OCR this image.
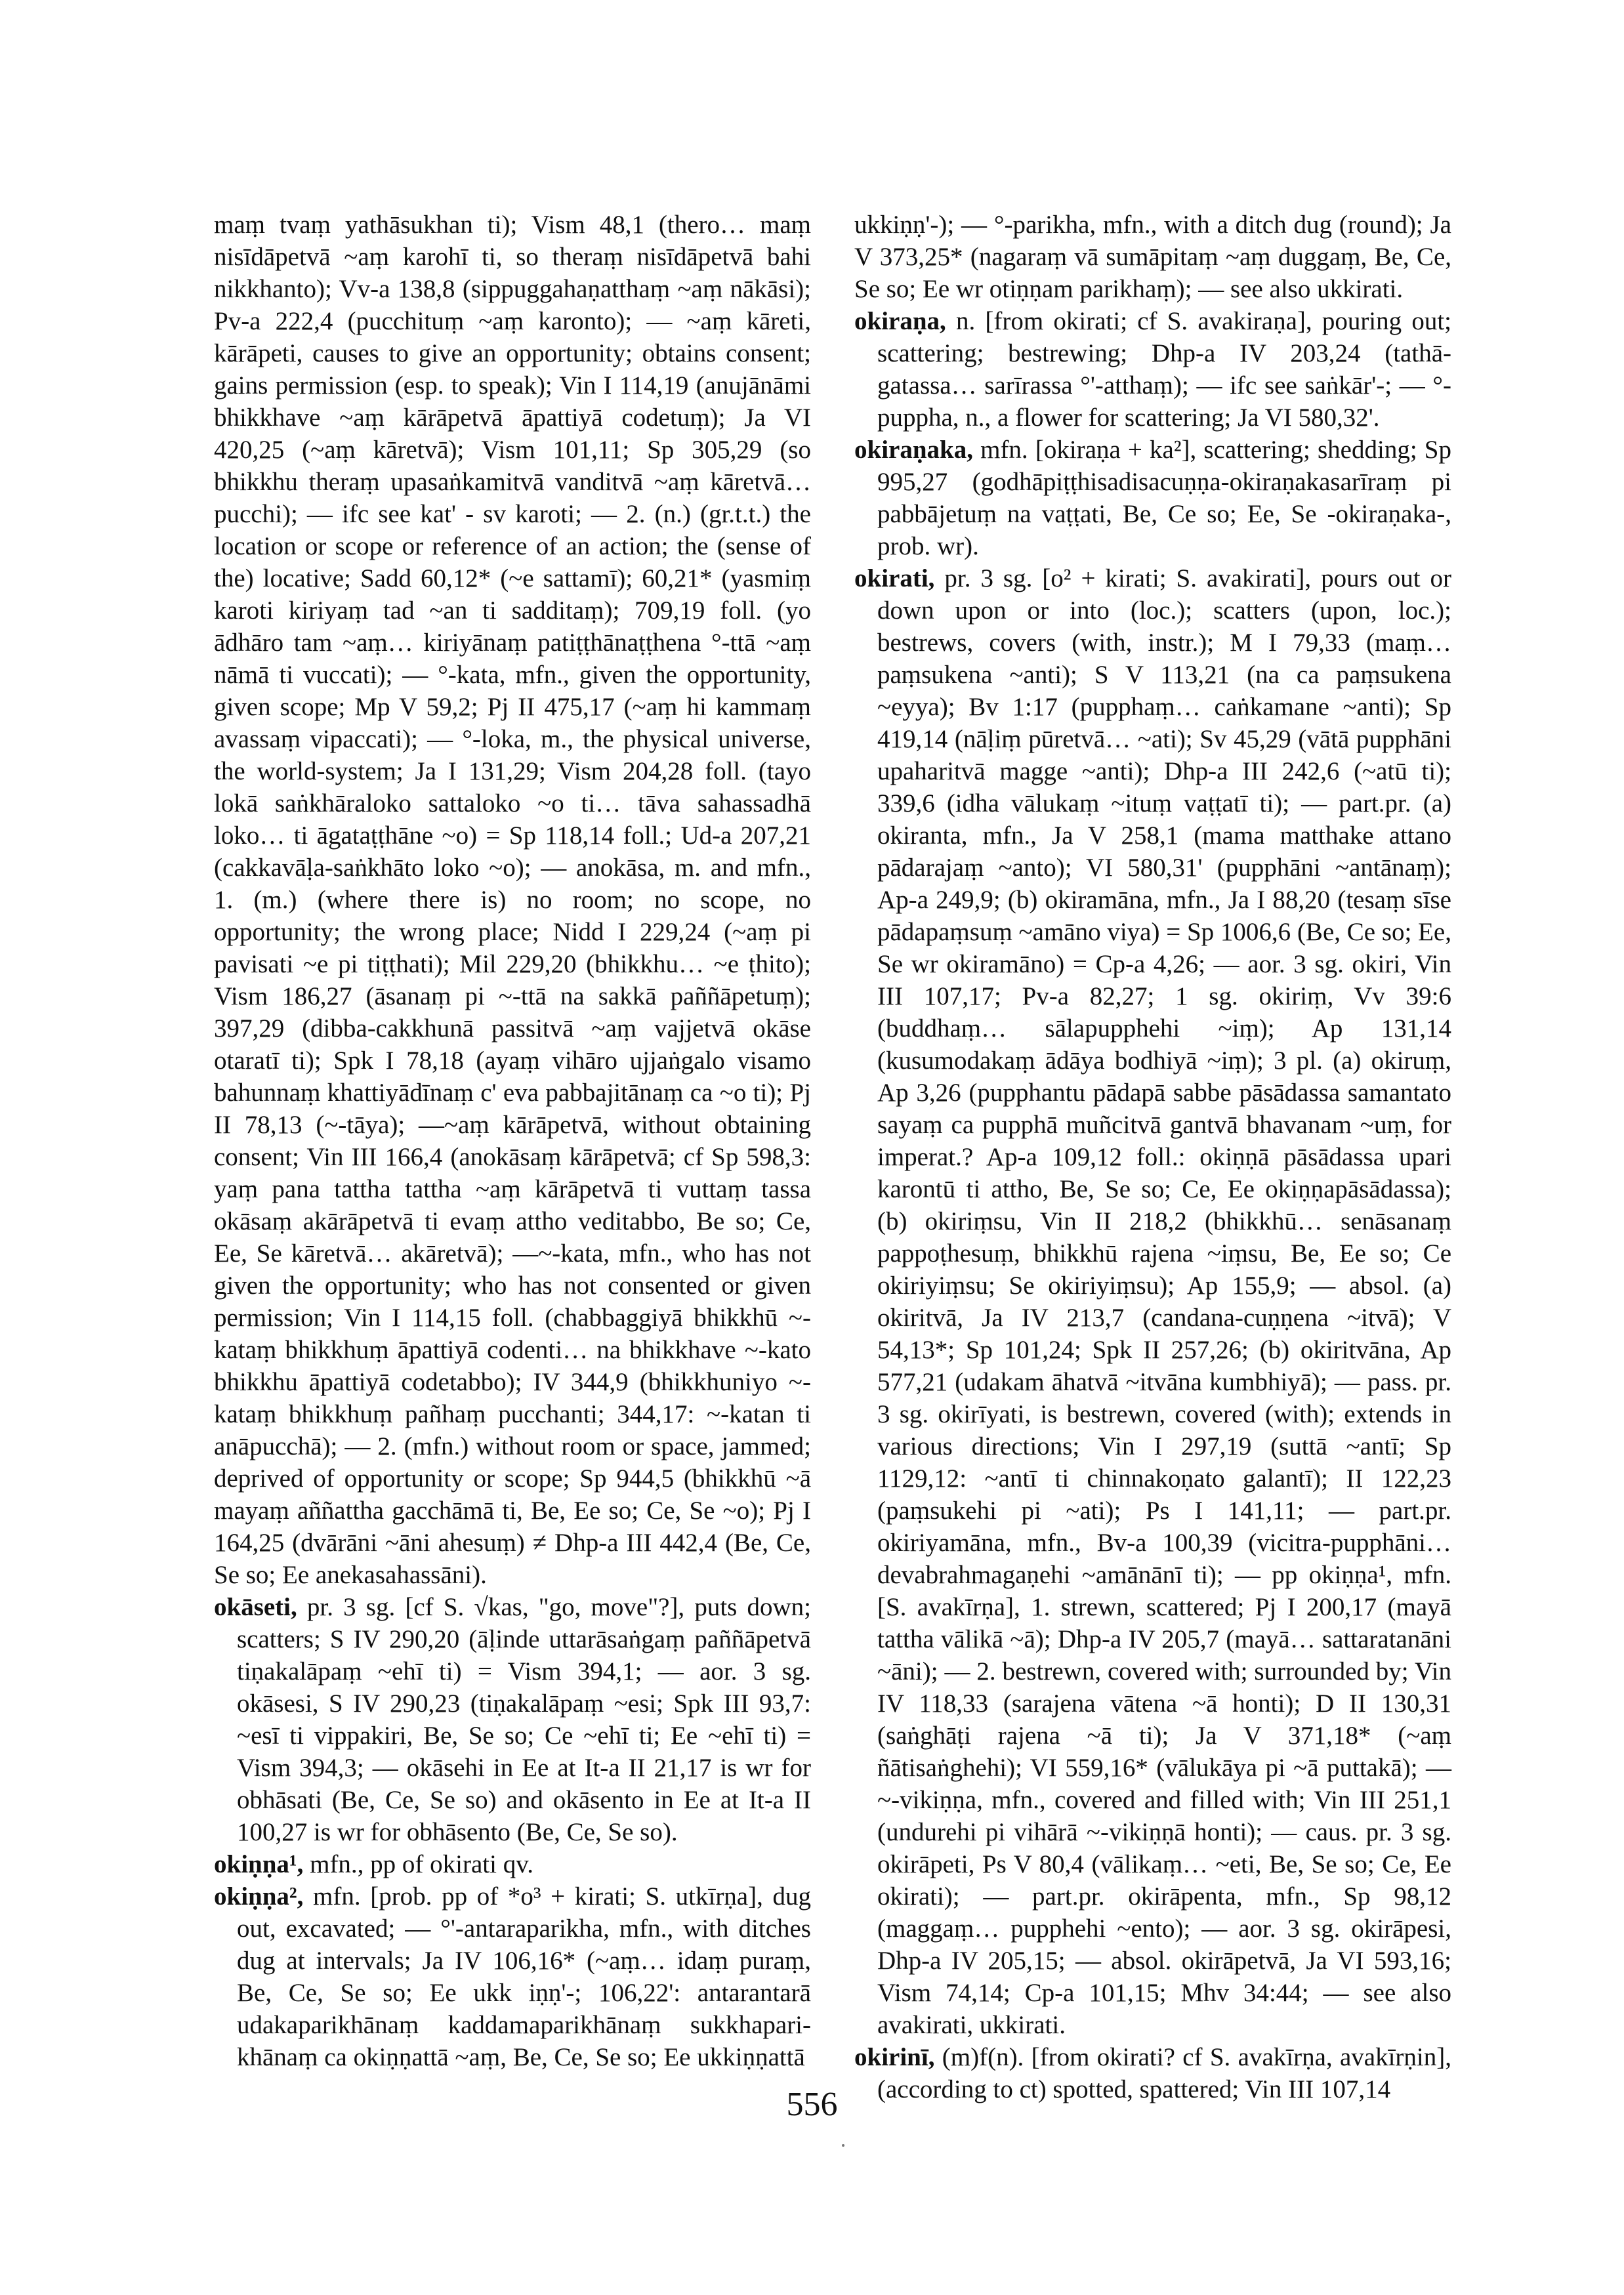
maṃ tvaṃ yathāsukhan ti); Vism 48,1 (thero… maṃ nisīdāpetvā ~aṃ karohī ti, so theraṃ nisīdāpetvā bahi nikkhanto); Vv-a 138,8 (sippuggahaṇatthaṃ ~aṃ nākāsi); Pv-a 222,4 (pucchituṃ ~aṃ karonto); — ~aṃ kāreti, kārāpeti, causes to give an opportunity; obtains consent; gains permission (esp. to speak); Vin I 114,19 (anujānāmi bhikkhave ~aṃ kārāpetvā āpattiyā codetuṃ); Ja VI 420,25 (~aṃ kāretvā); Vism 101,11; Sp 305,29 (so bhikkhu theraṃ upasaṅkamitvā vanditvā ~aṃ kāretvā… pucchi); — ifc see kat' - sv karoti; — 2. (n.) (gr.t.t.) the location or scope or reference of an action; the (sense of the) locative; Sadd 60,12* (~e sattamī); 60,21* (yasmiṃ karoti kiriyaṃ tad ~an ti sadditaṃ); 709,19 foll. (yo ādhāro tam ~aṃ… kiriyānaṃ patiṭṭhānaṭṭhena °-ttā ~aṃ nāmā ti vuccati); — °-kata, mfn., given the opportunity, given scope; Mp V 59,2; Pj II 475,17 (~aṃ hi kammaṃ avassaṃ vipaccati); — °-loka, m., the physical universe, the world-system; Ja I 131,29; Vism 204,28 foll. (tayo lokā saṅkhāraloko sattaloko ~o ti… tāva sahassadhā loko… ti āgataṭṭhāne ~o) = Sp 118,14 foll.; Ud-a 207,21 (cakkavāḷa-saṅkhāto loko ~o); — anokāsa, m. and mfn., 1. (m.) (where there is) no room; no scope, no opportunity; the wrong place; Nidd I 229,24 (~aṃ pi pavisati ~e pi tiṭṭhati); Mil 229,20 (bhikkhu… ~e ṭhito); Vism 186,27 (āsanaṃ pi ~-ttā na sakkā paññāpetuṃ); 397,29 (dibba-cakkhunā passitvā ~aṃ vajjetvā okāse otaratī ti); Spk I 78,18 (ayaṃ vihāro ujjaṅgalo visamo bahunnaṃ khattiyādīnaṃ c' eva pabbajitānaṃ ca ~o ti); Pj II 78,13 (~-tāya); —~aṃ kārāpetvā, without obtaining consent; Vin III 166,4 (anokāsaṃ kārāpetvā; cf Sp 598,3: yaṃ pana tattha tattha ~aṃ kārāpetvā ti vuttaṃ tassa okāsaṃ akārāpetvā ti evaṃ attho veditabbo, Be so; Ce, Ee, Se kāretvā… akāretvā); —~-kata, mfn., who has not given the opportunity; who has not consented or given permission; Vin I 114,15 foll. (chabbaggiyā bhikkhū ~-kataṃ bhikkhuṃ āpattiyā codenti… na bhikkhave ~-kato bhikkhu āpattiyā codetabbo); IV 344,9 (bhikkhuniyo ~-kataṃ bhikkhuṃ pañhaṃ pucchanti; 344,17: ~-katan ti anāpucchā); — 2. (mfn.) without room or space, jammed; deprived of opportunity or scope; Sp 944,5 (bhikkhū ~ā mayaṃ aññattha gacchāmā ti, Be, Ee so; Ce, Se ~o); Pj I 164,25 (dvārāni ~āni ahesuṃ) ≠ Dhp-a III 442,4 (Be, Ce, Se so; Ee anekasahassāni).

okāseti, pr. 3 sg. [cf S. √kas, "go, move"?], puts down; scatters; S IV 290,20 (āḷinde uttarāsaṅgaṃ paññāpetvā tiṇakalāpaṃ ~ehī ti) = Vism 394,1; — aor. 3 sg. okāsesi, S IV 290,23 (tiṇakalāpaṃ ~esi; Spk III 93,7: ~esī ti vippakiri, Be, Se so; Ce ~ehī ti; Ee ~ehī ti) = Vism 394,3; — okāsehi in Ee at It-a II 21,17 is wr for obhāsati (Be, Ce, Se so) and okāsento in Ee at It-a II 100,27 is wr for obhāsento (Be, Ce, Se so).

okiṇṇa¹, mfn., pp of okirati qv.

okiṇṇa², mfn. [prob. pp of *o³ + kirati; S. utkīrṇa], dug out, excavated; — °'-antaraparikha, mfn., with ditches dug at intervals; Ja IV 106,16* (~aṃ… idaṃ puraṃ, Be, Ce, Se so; Ee ukk iṇṇ'-; 106,22': antarantarā udakaparikhānaṃ kaddamaparikhānaṃ sukkhapari-khānaṃ ca okiṇṇattā ~aṃ, Be, Ce, Se so; Ee ukkiṇṇattā

ukkiṇṇ'-); — °-parikha, mfn., with a ditch dug (round); Ja V 373,25* (nagaraṃ vā sumāpitaṃ ~aṃ duggaṃ, Be, Ce, Se so; Ee wr otiṇṇam parikhaṃ); — see also ukkirati.

okiraṇa, n. [from okirati; cf S. avakiraṇa], pouring out; scattering; bestrewing; Dhp-a IV 203,24 (tathā-gatassa… sarīrassa °'-atthaṃ); — ifc see saṅkār'-; — °-puppha, n., a flower for scattering; Ja VI 580,32'.

okiraṇaka, mfn. [okiraṇa + ka²], scattering; shedding; Sp 995,27 (godhāpiṭṭhisadisacuṇṇa-okiraṇakasarīraṃ pi pabbājetuṃ na vaṭṭati, Be, Ce so; Ee, Se -okiraṇaka-, prob. wr).

okirati, pr. 3 sg. [o² + kirati; S. avakirati], pours out or down upon or into (loc.); scatters (upon, loc.); bestrews, covers (with, instr.); M I 79,33 (maṃ… paṃsukena ~anti); S V 113,21 (na ca paṃsukena ~eyya); Bv 1:17 (pupphaṃ… caṅkamane ~anti); Sp 419,14 (nāḷiṃ pūretvā… ~ati); Sv 45,29 (vātā pupphāni upaharitvā magge ~anti); Dhp-a III 242,6 (~atū ti); 339,6 (idha vālukaṃ ~ituṃ vaṭṭatī ti); — part.pr. (a) okiranta, mfn., Ja V 258,1 (mama matthake attano pādarajaṃ ~anto); VI 580,31' (pupphāni ~antānaṃ); Ap-a 249,9; (b) okiramāna, mfn., Ja I 88,20 (tesaṃ sīse pādapaṃsuṃ ~amāno viya) = Sp 1006,6 (Be, Ce so; Ee, Se wr okiramāno) = Cp-a 4,26; — aor. 3 sg. okiri, Vin III 107,17; Pv-a 82,27; 1 sg. okiriṃ, Vv 39:6 (buddhaṃ… sālapupphehi ~iṃ); Ap 131,14 (kusumodakaṃ ādāya bodhiyā ~iṃ); 3 pl. (a) okiruṃ, Ap 3,26 (pupphantu pādapā sabbe pāsādassa samantato sayaṃ ca pupphā muñcitvā gantvā bhavanam ~uṃ, for imperat.? Ap-a 109,12 foll.: okiṇṇā pāsādassa upari karontū ti attho, Be, Se so; Ce, Ee okiṇṇapāsādassa); (b) okiriṃsu, Vin II 218,2 (bhikkhū… senāsanaṃ pappoṭhesuṃ, bhikkhū rajena ~iṃsu, Be, Ee so; Ce okiriyiṃsu; Se okiriyiṃsu); Ap 155,9; — absol. (a) okiritvā, Ja IV 213,7 (candana-cuṇṇena ~itvā); V 54,13*; Sp 101,24; Spk II 257,26; (b) okiritvāna, Ap 577,21 (udakam āhatvā ~itvāna kumbhiyā); — pass. pr. 3 sg. okirīyati, is bestrewn, covered (with); extends in various directions; Vin I 297,19 (suttā ~antī; Sp 1129,12: ~antī ti chinnakoṇato galantī); II 122,23 (paṃsukehi pi ~ati); Ps I 141,11; — part.pr. okiriyamāna, mfn., Bv-a 100,39 (vicitra-pupphāni… devabrahmagaṇehi ~amānānī ti); — pp okiṇṇa¹, mfn. [S. avakīrṇa], 1. strewn, scattered; Pj I 200,17 (mayā tattha vālikā ~ā); Dhp-a IV 205,7 (mayā… sattaratanāni ~āni); — 2. bestrewn, covered with; surrounded by; Vin IV 118,33 (sarajena vātena ~ā honti); D II 130,31 (saṅghāṭi rajena ~ā ti); Ja V 371,18* (~aṃ ñātisaṅghehi); VI 559,16* (vālukāya pi ~ā puttakā); — ~-vikiṇṇa, mfn., covered and filled with; Vin III 251,1 (undurehi pi vihārā ~-vikiṇṇā honti); — caus. pr. 3 sg. okirāpeti, Ps V 80,4 (vālikaṃ… ~eti, Be, Se so; Ce, Ee okirati); — part.pr. okirāpenta, mfn., Sp 98,12 (maggaṃ… pupphehi ~ento); — aor. 3 sg. okirāpesi, Dhp-a IV 205,15; — absol. okirāpetvā, Ja VI 593,16; Vism 74,14; Cp-a 101,15; Mhv 34:44; — see also avakirati, ukkirati.

okirinī, (m)f(n). [from okirati? cf S. avakīrṇa, avakīrṇin], (according to ct) spotted, spattered; Vin III 107,14

556
